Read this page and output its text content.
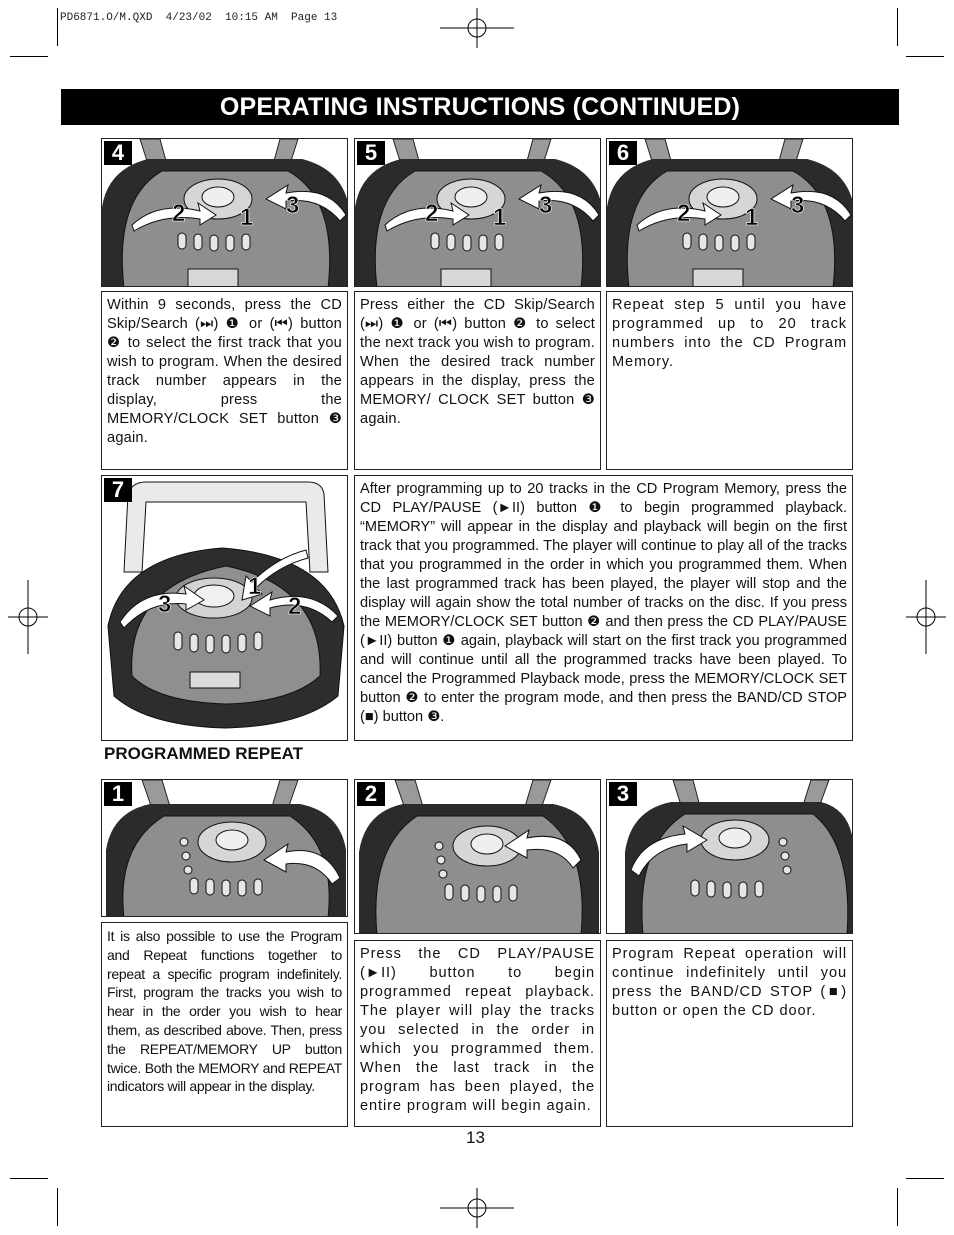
PD6871.O/M.QXD  4/23/02  10:15 AM  Page 13
OPERATING INSTRUCTIONS (CONTINUED)
4
2 1 3
5
2 1 3
6
2 1 3
Within 9 seconds, press the CD Skip/Search (⏭) ❶ or (⏮) button ❷ to select the first track that you wish to program. When the desired track number appears in the display, press the MEMORY/CLOCK SET button ❸ again.
Press either the CD Skip/Search (⏭) ❶ or (⏮) button ❷ to select the next track you wish to program. When the desired track number appears in the display, press the MEMORY/ CLOCK SET button ❸ again.
Repeat step 5 until you have programmed up to 20 track numbers into the CD Program Memory.
7
3
1
2
After programming up to 20 tracks in the CD Program Memory, press the CD PLAY/PAUSE (►II) button ❶ to begin programmed playback. “MEMORY” will appear in the display and playback will begin on the first track that you programmed. The player will continue to play all of the tracks that you programmed in the order in which you programmed them. When the last programmed track has been played, the player will stop and the display will again show the total number of tracks on the disc. If you press the MEMORY/CLOCK SET button ❷ and then press the CD PLAY/PAUSE (►II) button ❶ again, playback will start on the first track you programmed and will continue until all the programmed tracks have been played. To cancel the Programmed Playback mode, press the MEMORY/CLOCK SET button ❷ to enter the program mode, and then press the BAND/CD STOP (■) button ❸.
PROGRAMMED REPEAT
1	2	3
It is also possible to use the Program and Repeat functions together to repeat a specific program indefinitely. First, program the tracks you wish to hear in the order you wish to hear them, as described above. Then, press the REPEAT/MEMORY UP button twice. Both the MEMORY and REPEAT indicators will appear in the display.
Press the CD PLAY/PAUSE (►II) button to begin programmed repeat playback. The player will play the tracks you selected in the order in which you programmed them. When the last track in the program has been played, the entire program will begin again.
Program Repeat operation will continue indefinitely until you press the BAND/CD STOP (■) button or open the CD door.
13
